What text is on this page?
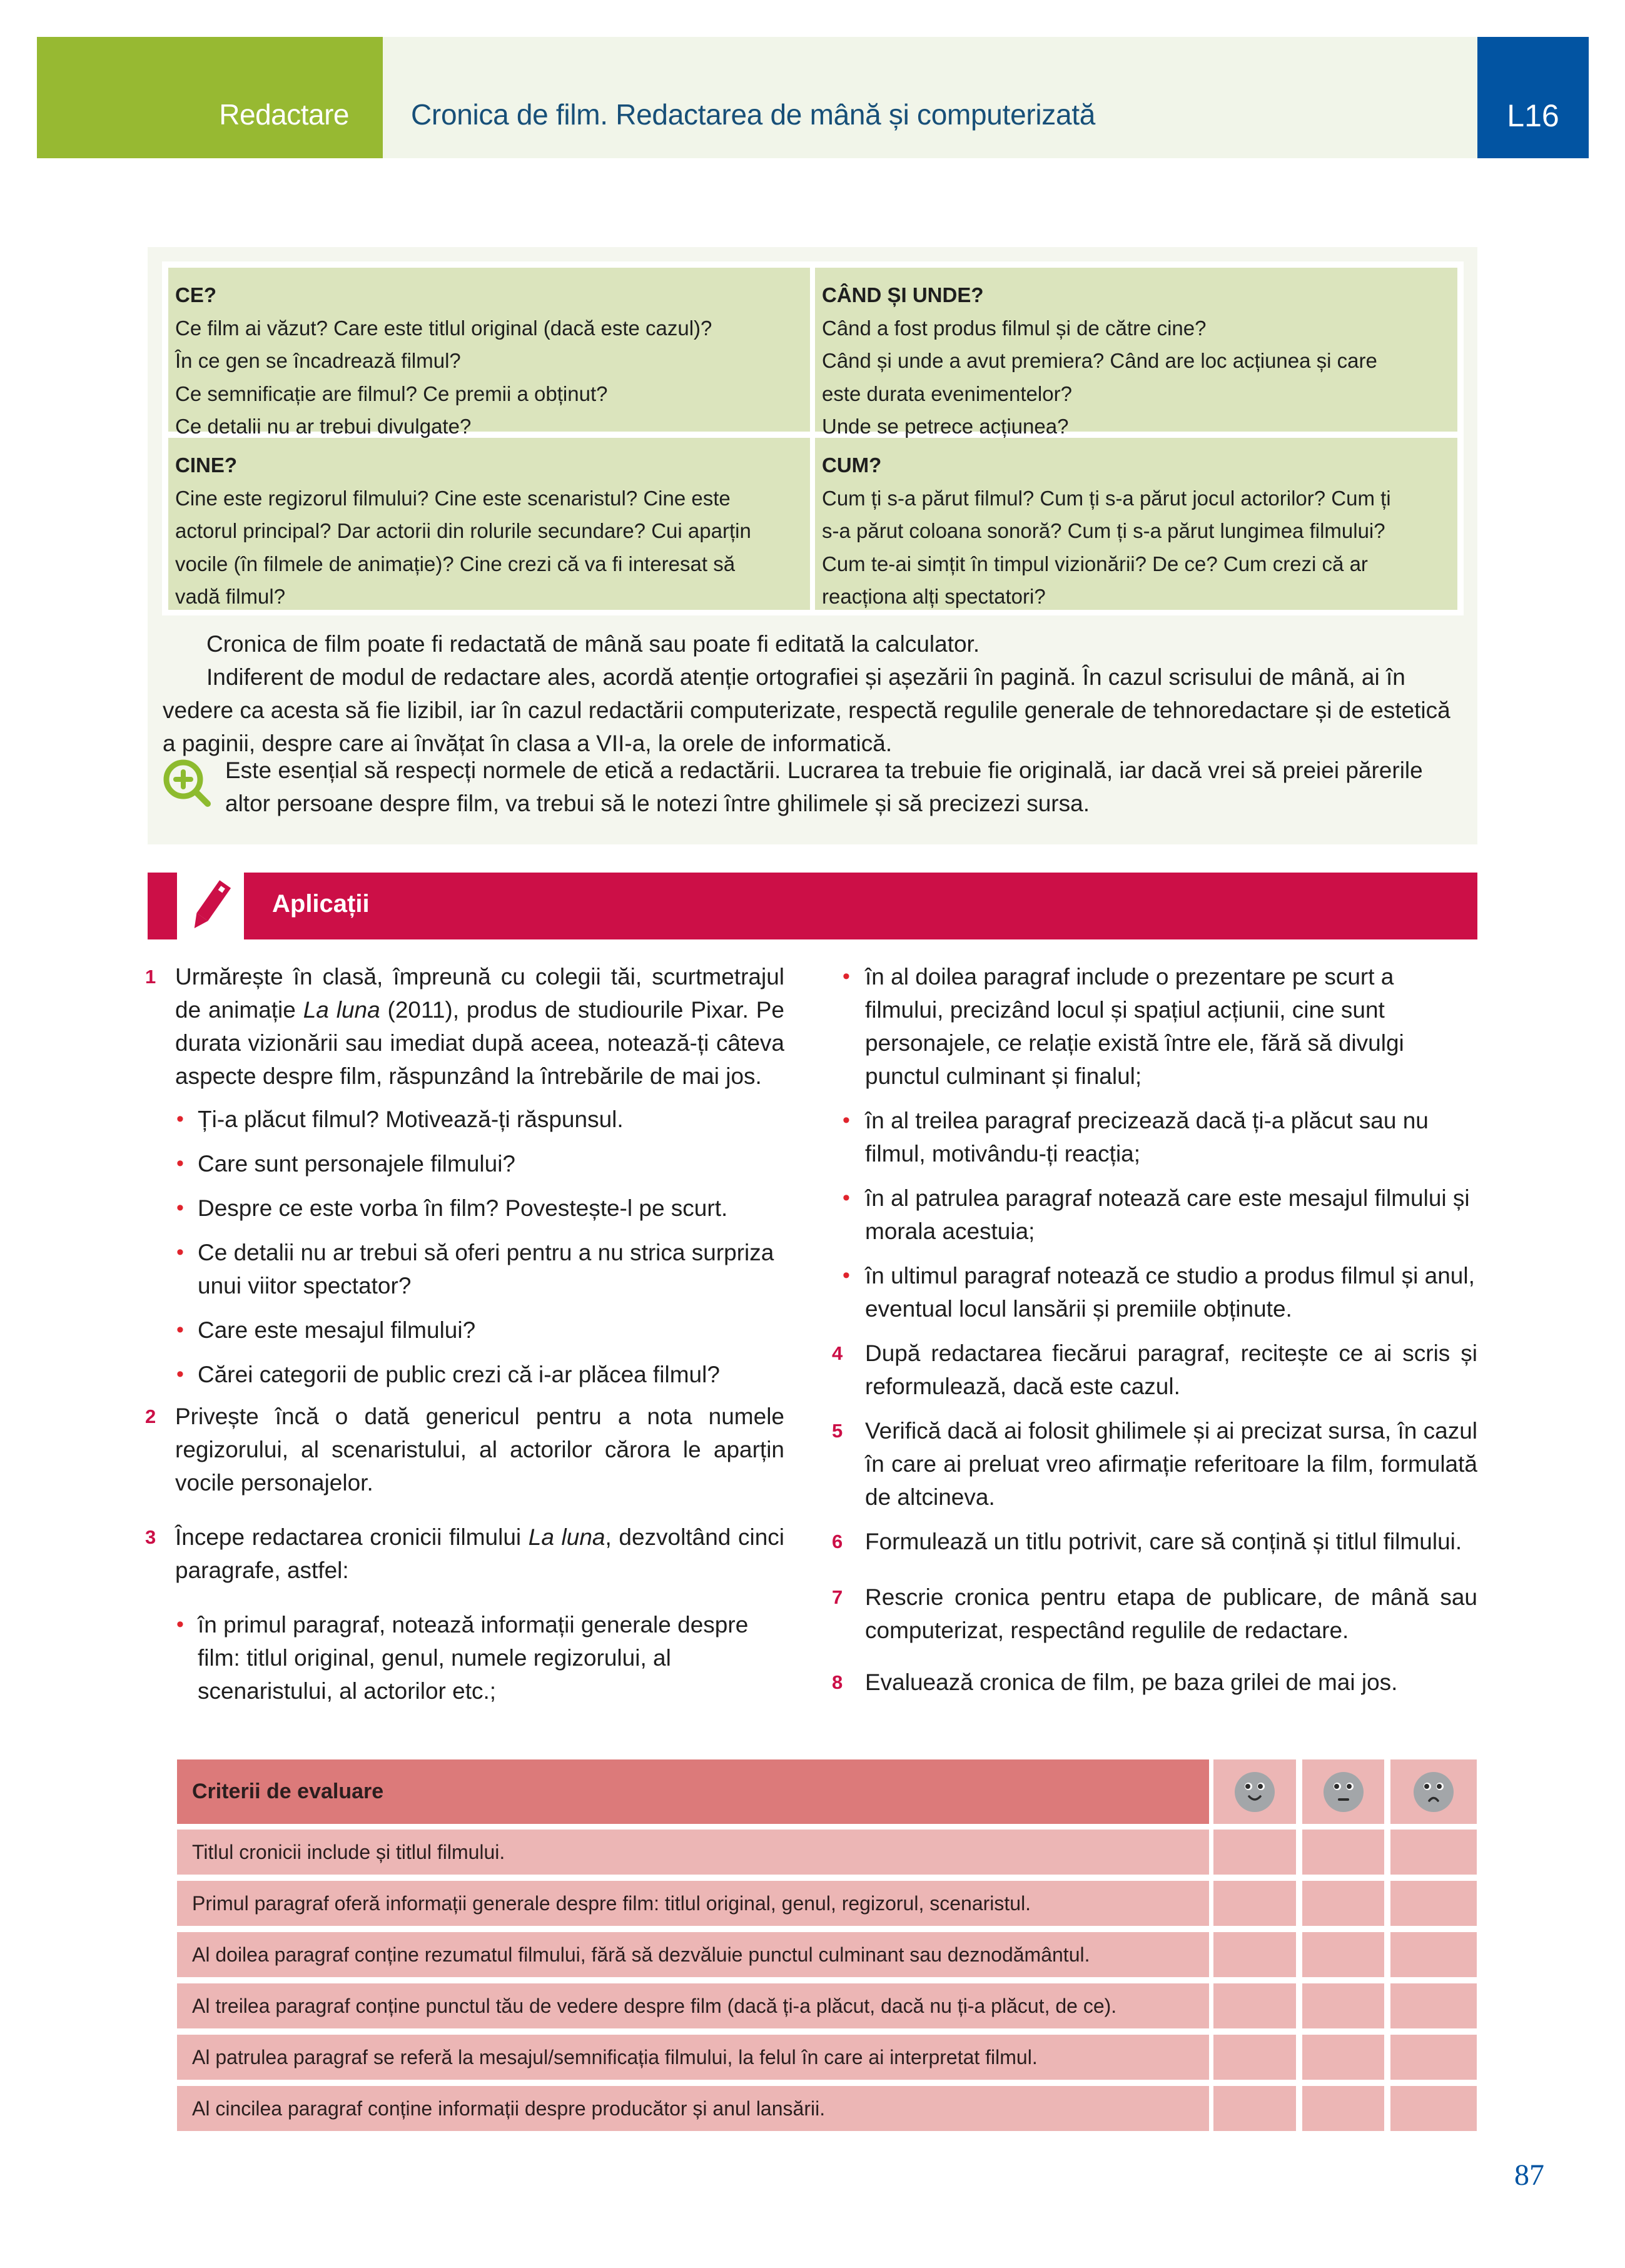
Redactare Cronica de film. Redactarea de mână și computerizată	L16
CE?
Ce film ai văzut? Care este titlul original (dacă este cazul)?
În ce gen se încadrează filmul?
Ce semnificație are filmul? Ce premii a obținut?
Ce detalii nu ar trebui divulgate?
CÂND ȘI UNDE?
Când a fost produs filmul și de către cine?
Când și unde a avut premiera? Când are loc acțiunea și care
este durata evenimentelor?
Unde se petrece acțiunea?
CINE?
Cine este regizorul filmului? Cine este scenaristul? Cine este
actorul principal? Dar actorii din rolurile secundare? Cui aparțin
vocile (în filmele de animație)? Cine crezi că va fi interesat să
vadă filmul?
CUM?
Cum ți s-a părut filmul? Cum ți s-a părut jocul actorilor? Cum ți
s-a părut coloana sonoră? Cum ți s-a părut lungimea filmului?
Cum te-ai simțit în timpul vizionării? De ce? Cum crezi că ar
reacționa alți spectatori?

Cronica de film poate fi redactată de mână sau poate fi editată la calculator.

Indiferent de modul de redactare ales, acordă atenție ortografiei și așezării în pagină. În cazul scrisului de mână, ai în vedere ca acesta să fie lizibil, iar în cazul redactării computerizate, respectă regulile generale de tehnoredactare și de estetică a paginii, despre care ai învățat în clasa a VII-a, la orele de informatică.

Este esențial să respecți normele de etică a redactării. Lucrarea ta trebuie fie originală, iar dacă vrei să preiei părerile altor persoane despre film, va trebui să le notezi între ghilimele și să precizezi sursa.
Aplicații
1 Urmărește în clasă, împreună cu colegii tăi, scurtmetrajul de animație La luna (2011), produs de studiourile Pixar. Pe durata vizionării sau imediat după aceea, notează-ți câteva aspecte despre film, răspunzând la întrebările de mai jos.
• Ți-a plăcut filmul? Motivează-ți răspunsul.
• Care sunt personajele filmului?
• Despre ce este vorba în film? Povestește-l pe scurt.
• Ce detalii nu ar trebui să oferi pentru a nu strica surpriza unui viitor spectator?
• Care este mesajul filmului?
• Cărei categorii de public crezi că i-ar plăcea filmul?
2 Privește încă o dată genericul pentru a nota numele regizorului, al scenaristului, al actorilor cărora le aparțin vocile personajelor.
3 Începe redactarea cronicii filmului La luna, dezvoltând cinci paragrafe, astfel:
• în primul paragraf, notează informații generale despre film: titlul original, genul, numele regizorului, al scenaristului, al actorilor etc.;
• în al doilea paragraf include o prezentare pe scurt a filmului, precizând locul și spațiul acțiunii, cine sunt personajele, ce relație există între ele, fără să divulgi punctul culminant și finalul;
• în al treilea paragraf precizează dacă ți-a plăcut sau nu filmul, motivându-ți reacția;
• în al patrulea paragraf notează care este mesajul filmului și morala acestuia;
• în ultimul paragraf notează ce studio a produs filmul și anul, eventual locul lansării și premiile obținute.
4 După redactarea fiecărui paragraf, recitește ce ai scris și reformulează, dacă este cazul.
5 Verifică dacă ai folosit ghilimele și ai precizat sursa, în cazul în care ai preluat vreo afirmație referitoare la film, formulată de altcineva.
6 Formulează un titlu potrivit, care să conțină și titlul filmului.
7 Rescrie cronica pentru etapa de publicare, de mână sau computerizat, respectând regulile de redactare.
8 Evaluează cronica de film, pe baza grilei de mai jos.
Criterii de evaluare
Titlul cronicii include și titlul filmului.
Primul paragraf oferă informații generale despre film: titlul original, genul, regizorul, scenaristul.
Al doilea paragraf conține rezumatul filmului, fără să dezvăluie punctul culminant sau deznodământul.
Al treilea paragraf conține punctul tău de vedere despre film (dacă ți-a plăcut, dacă nu ți-a plăcut, de ce).
Al patrulea paragraf se referă la mesajul/semnificația filmului, la felul în care ai interpretat filmul.
Al cincilea paragraf conține informații despre producător și anul lansării.
87
